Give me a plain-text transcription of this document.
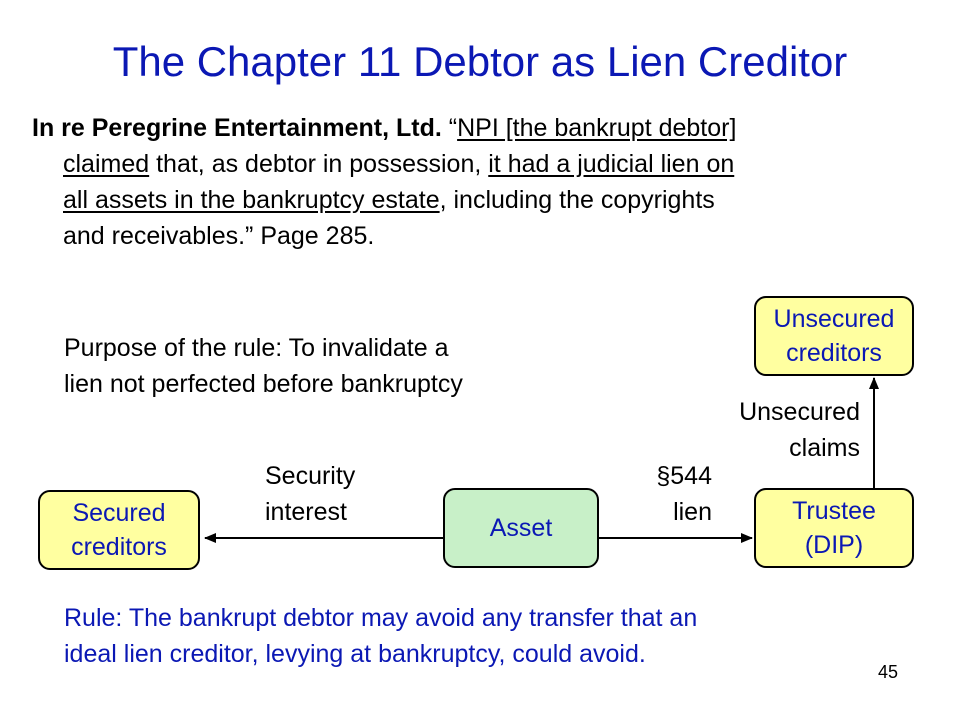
The Chapter 11 Debtor as Lien Creditor
In re Peregrine Entertainment, Ltd. “NPI [the bankrupt debtor]
claimed that, as debtor in possession, it had a judicial lien on
all assets in the bankruptcy estate, including the copyrights
and receivables.” Page 285.
Purpose of the rule: To invalidate a
lien not perfected before bankruptcy
Unsecured
creditors
Unsecured
claims
Security
interest
§544
lien
Secured
creditors
Asset
Trustee
(DIP)
Rule: The bankrupt debtor may avoid any transfer that an
ideal lien creditor, levying at bankruptcy, could avoid.
45
